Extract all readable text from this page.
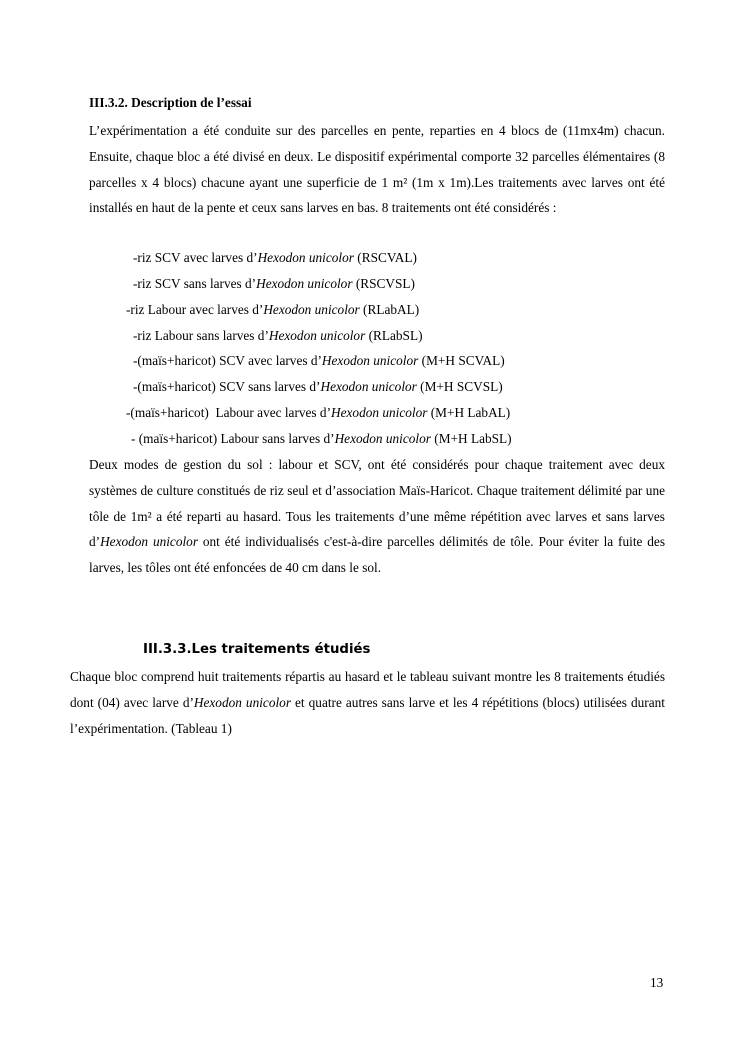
III.3.2. Description de l’essai

L’expérimentation a été conduite sur des parcelles en pente, reparties en 4 blocs de (11mx4m) chacun. Ensuite, chaque bloc a été divisé en deux. Le dispositif expérimental comporte 32 parcelles élémentaires (8 parcelles x 4 blocs) chacune ayant une superficie de 1 m² (1m x 1m).Les traitements avec larves ont été installés en haut de la pente et ceux sans larves en bas. 8 traitements ont été considérés :

-riz SCV avec larves d’Hexodon unicolor (RSCVAL)
-riz SCV sans larves d’Hexodon unicolor (RSCVSL)
-riz Labour avec larves d’Hexodon unicolor (RLabAL)
-riz Labour sans larves d’Hexodon unicolor (RLabSL)
-(maïs+haricot) SCV avec larves d’Hexodon unicolor (M+H SCVAL)
-(maïs+haricot) SCV sans larves d’Hexodon unicolor (M+H SCVSL)
-(maïs+haricot)  Labour avec larves d’Hexodon unicolor (M+H LabAL)
- (maïs+haricot) Labour sans larves d’Hexodon unicolor (M+H LabSL)

Deux modes de gestion du sol : labour et SCV, ont été considérés pour chaque traitement avec deux systèmes de culture constitués de riz seul et d’association Maïs-Haricot. Chaque traitement délimité par une tôle de 1m² a été reparti au hasard. Tous les traitements d’une même répétition avec larves et sans larves d’Hexodon unicolor ont été individualisés c'est-à-dire parcelles délimités de tôle. Pour éviter la fuite des larves, les tôles ont été enfoncées de 40 cm dans le sol.

III.3.3.Les traitements étudiés

Chaque bloc comprend huit traitements répartis au hasard et le tableau suivant montre les 8 traitements étudiés dont (04) avec larve d’Hexodon unicolor et quatre autres sans larve et les 4 répétitions (blocs) utilisées durant l’expérimentation. (Tableau 1)

13
